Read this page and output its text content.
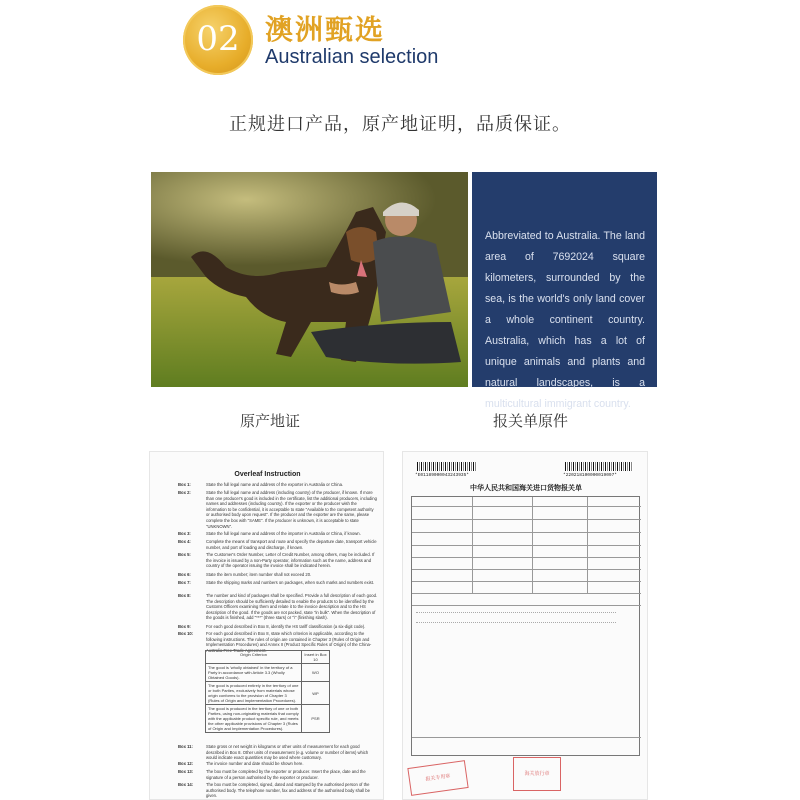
02 澳洲甄选
Australian selection
正规进口产品，原产地证明，品质保证。

Abbreviated to Australia. The land area of 7692024 square kilometers, surrounded by the sea, is the world's only land cover a whole continent country. Australia, which has a lot of unique animals and plants and natural landscapes, is a multicultural immigrant country.

原产地证	报关单原件
Overleaf Instruction
Box 1:	State the full legal name and address of the exporter in Australia or China.
Box 2:	State the full legal name and address (including country) of the producer, if known. If more than one producer's good is included in the certificate, list the additional producers, including names and addresses (including country). If the exporter or the producer wish the information to be confidential, it is acceptable to state "Available to the competent authority or authorised body upon request". If the producer and the exporter are the same, please complete the box with "SAME". If the producer is unknown, it is acceptable to state "UNKNOWN".
Box 3:	State the full legal name and address of the importer in Australia or China, if known.
Box 4:	Complete the means of transport and route and specify the departure date, transport vehicle number, and port of loading and discharge, if known.
Box 5:	The Customer's Order Number, Letter of Credit Number, among others, may be included. If the invoice is issued by a non-Party operator, information such as the name, address and country of the operator issuing the invoice shall be indicated herein.
Box 6:	State the item number; item number shall not exceed 20.
Box 7:	State the shipping marks and numbers on packages, when such marks and numbers exist.
Box 8:	The number and kind of packages shall be specified. Provide a full description of each good. The description should be sufficiently detailed to enable the products to be identified by the Customs Officers examining them and relate it to the invoice description and to the HS description of the good. If the goods are not packed, state "in bulk". When the description of the goods is finished, add "***" (three stars) or "\" (finishing slash).
Box 9:	For each good described in Box 8, identify the HS tariff classification (a six-digit code).
Box 10:	For each good described in Box 8, state which criterion is applicable, according to the following instructions. The rules of origin are contained in Chapter 3 (Rules of Origin and Implementation Procedures) and Annex II (Product Specific Rules of Origin) of the China-Australia Free Trade Agreement.
Origin Criterion	Insert in Box 10
The good is 'wholly obtained' in the territory of a Party in accordance with Article 3.3 (Wholly Obtained Goods).	WO
The good is produced entirely in the territory of one or both Parties, exclusively from materials whose origin conforms to the provision of Chapter 3 (Rules of Origin and Implementation Procedures).	WP
The good is produced in the territory of one or both Parties, using non-originating materials that comply with the applicable product specific rule, and meets the other applicable provisions of Chapter 3 (Rules of Origin and Implementation Procedures).	PSR
Box 11:	State gross or net weight in kilograms or other units of measurement for each good described in Box 8. Other units of measurement (e.g. volume or number of items) which would indicate exact quantities may be used where customary.
Box 12:	The invoice number and date should be shown here.
Box 13:	The box must be completed by the exporter or producer. Insert the place, date and the signature of a person authorised by the exporter or producer.
Box 14:	The box must be completed, signed, dated and stamped by the authorised person of the authorised body. The telephone number, fax and address of the authorised body shall be given.
*E01189000043243935*	*220218100000019097*
中华人民共和国海关进口货物报关单
报关专用章	海关放行章
